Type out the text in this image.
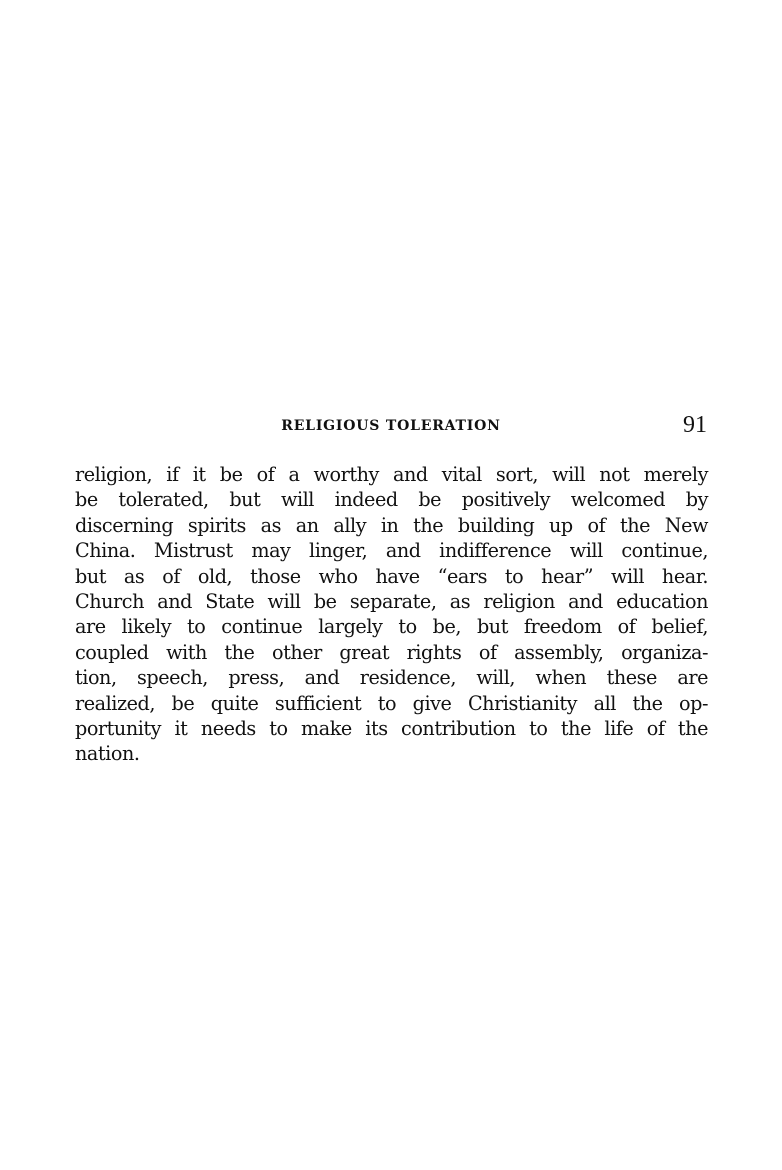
RELIGIOUS TOLERATION	91
religion, if it be of a worthy and vital sort, will not merely
be tolerated, but will indeed be positively welcomed by
discerning spirits as an ally in the building up of the New
China. Mistrust may linger, and indifference will continue,
but as of old, those who have “ears to hear” will hear.
Church and State will be separate, as religion and education
are likely to continue largely to be, but freedom of belief,
coupled with the other great rights of assembly, organiza-
tion, speech, press, and residence, will, when these are
realized, be quite sufficient to give Christianity all the op-
portunity it needs to make its contribution to the life of the
nation.
